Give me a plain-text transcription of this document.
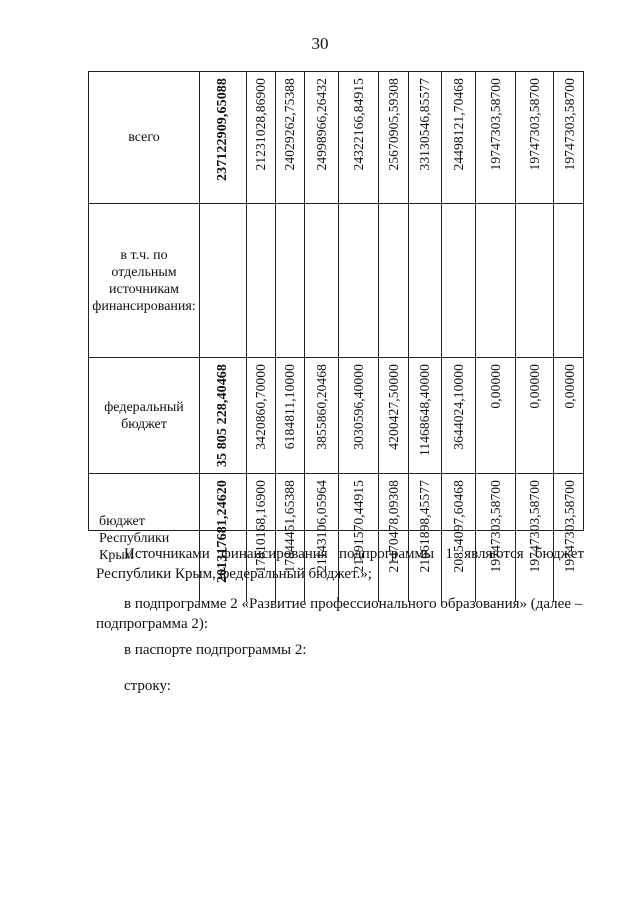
30
всего	237122909,65088 21231028,86900 24029262,75388 24998966,26432 24322166,84915 25670905,59308 33130546,85577 24498121,70468 19747303,58700 19747303,58700 19747303,58700
в т.ч. по отдельным источникам финансирования:
федеральный бюджет	35 805 228,40468 3420860,70000 6184811,10000 3855860,20468 3030596,40000 4200427,50000 11468648,40000 3644024,10000 0,00000 0,00000 0,00000
бюджет Республики Крым	201317681,24620 17810168,16900 17844451,65388 21143106,05964 21291570,44915 21470478,09308 21661898,45577 20854097,60468 19747303,58700 19747303,58700 19747303,58700

Источниками финансирования подпрограммы 1 являются бюджет Республики Крым, федеральный бюджет.»;

в подпрограмме 2 «Развитие профессионального образования» (далее – подпрограмма 2):

в паспорте подпрограммы 2:

строку:
